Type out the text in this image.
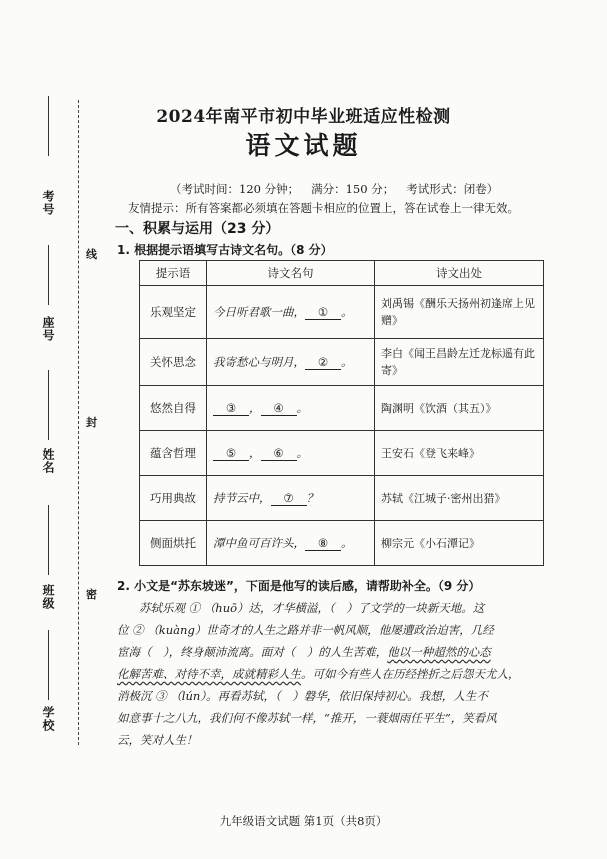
考号
座号
姓名
班级
学校
线
封
密
2024年南平市初中毕业班适应性检测
语文试题
（考试时间：120 分钟； 满分：150 分； 考试形式：闭卷）
友情提示：所有答案都必须填在答题卡相应的位置上，答在试卷上一律无效。
一、积累与运用（23 分）
1. 根据提示语填写古诗文名句。（8 分）
提示语	诗文名句	诗文出处
乐观坚定	今日听君歌一曲， ① 。	刘禹锡《酬乐天扬州初逢席上见赠》
关怀思念	我寄愁心与明月， ② 。	李白《闻王昌龄左迁龙标遥有此寄》
悠然自得	③ ， ④ 。	陶渊明《饮酒（其五）》
蕴含哲理	⑤ ， ⑥ 。	王安石《登飞来峰》
巧用典故	持节云中， ⑦ ？	苏轼《江城子·密州出猎》
侧面烘托	潭中鱼可百许头， ⑧ 。	柳宗元《小石潭记》
2. 小文是“苏东坡迷”，下面是他写的读后感，请帮助补全。（9 分）
苏轼乐观 ① （huō）达，才华横溢，（　）了文学的一块新天地。这
位 ② （kuàng）世奇才的人生之路并非一帆风顺，他屡遭政治迫害，几经
宦海（　），终身颠沛流离。面对（　）的人生苦难，他以一种超然的心态
化解苦难、对待不幸，成就精彩人生。可如今有些人在历经挫折之后怨天尤人，
消极沉 ③ （lún）。再看苏轼，（　）磐华，依旧保持初心。我想，人生不
如意事十之八九，我们何不像苏轼一样，“推开，一蓑烟雨任平生”，笑看风
云，笑对人生！
九年级语文试题 第1页（共8页）
